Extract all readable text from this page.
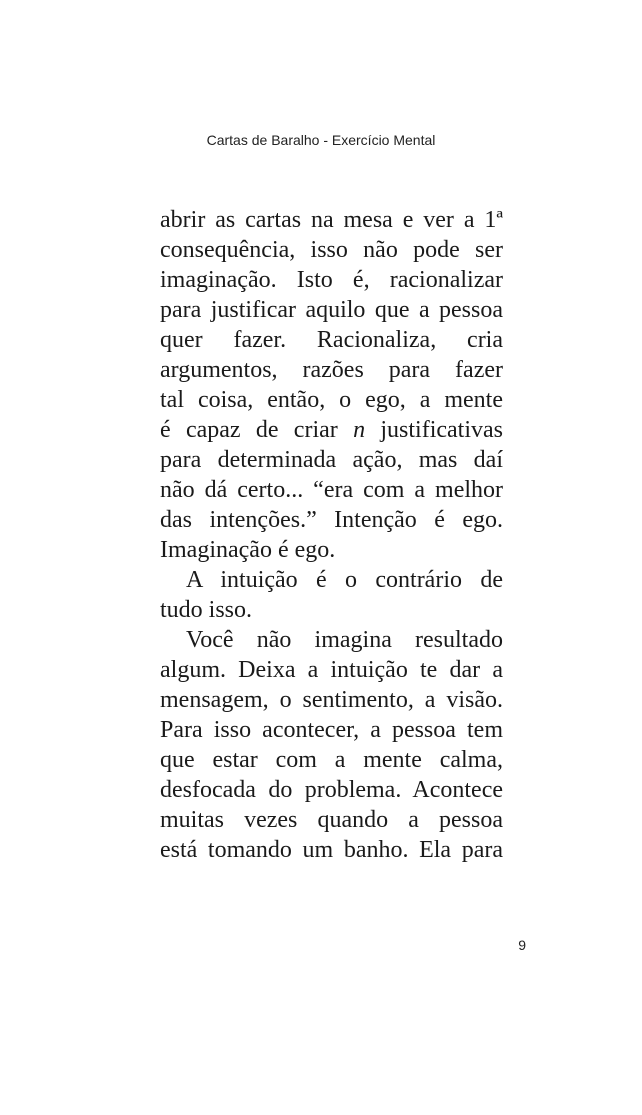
Cartas de Baralho - Exercício Mental
abrir as cartas na mesa e ver a 1ª
consequência, isso não pode ser
imaginação. Isto é, racionalizar
para justificar aquilo que a pessoa
quer fazer. Racionaliza, cria
argumentos, razões para fazer
tal coisa, então, o ego, a mente
é capaz de criar n justificativas
para determinada ação, mas daí
não dá certo... “era com a melhor
das intenções.” Intenção é ego.
Imaginação é ego.
A intuição é o contrário de
tudo isso.
Você não imagina resultado
algum. Deixa a intuição te dar a
mensagem, o sentimento, a visão.
Para isso acontecer, a pessoa tem
que estar com a mente calma,
desfocada do problema. Acontece
muitas vezes quando a pessoa
está tomando um banho. Ela para
9
